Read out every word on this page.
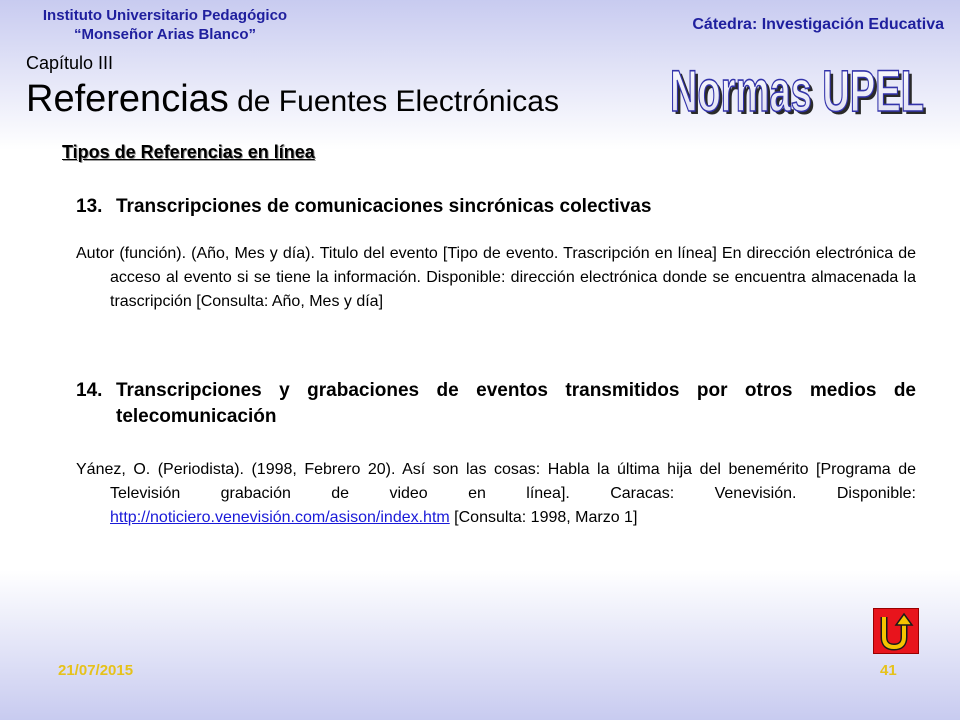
Instituto Universitario Pedagógico
“Monseñor Arias Blanco”
Cátedra: Investigación Educativa
Capítulo III
Referencias de Fuentes Electrónicas Normas UPEL
Normas UPEL
Tipos de Referencias en línea
13. Transcripciones de comunicaciones sincrónicas colectivas
Autor (función). (Año, Mes y día). Titulo del evento [Tipo de evento. Trascripción en línea] En dirección electrónica de acceso al evento si se tiene la información. Disponible: dirección electrónica donde se encuentra almacenada la trascripción [Consulta: Año, Mes y día]
14. Transcripciones y grabaciones de eventos transmitidos por otros medios de telecomunicación
Yánez, O. (Periodista). (1998, Febrero 20). Así son las cosas: Habla la última hija del benemérito [Programa de Televisión grabación de video en línea]. Caracas: Venevisión. Disponible: http://noticiero.venevisión.com/asison/index.htm [Consulta: 1998, Marzo 1]
21/07/2015	41
